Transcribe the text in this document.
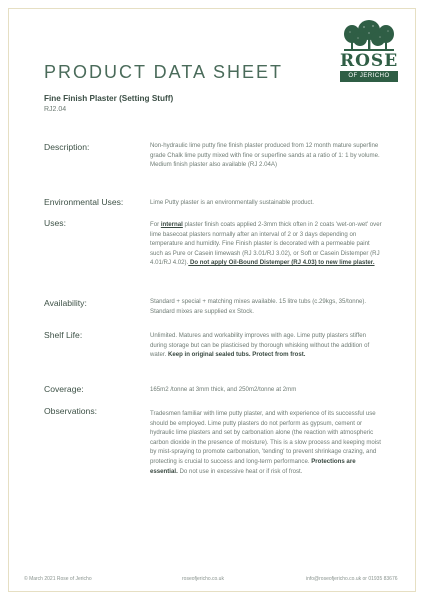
ROSE
OF JERICHO
PRODUCT DATA SHEET
Fine Finish Plaster (Setting Stuff)
RJ2.04
Description:	Non-hydraulic lime putty fine finish plaster produced from 12 month mature superfine grade Chalk lime putty mixed with fine or superfine sands at a ratio of 1: 1 by volume. Medium finish plaster also available (RJ 2.04A)
Environmental Uses:	Lime Putty plaster is an environmentally sustainable product.
Uses:	For internal plaster finish coats applied 2-3mm thick often in 2 coats 'wet-on-wet' over lime basecoat plasters normally after an interval of 2 or 3 days depending on temperature and humidity. Fine Finish plaster is decorated with a permeable paint such as Pure or Casein limewash (RJ 3.01/RJ 3.02), or Soft or Casein Distemper (RJ 4.01/RJ 4.02). Do not apply Oil-Bound Distemper (RJ 4.03) to new lime plaster.
Availability:	Standard + special + matching mixes available. 15 litre tubs (c.29kgs, 35/tonne). Standard mixes are supplied ex Stock.
Shelf Life:	Unlimited. Matures and workability improves with age. Lime putty plasters stiffen during storage but can be plasticised by thorough whisking without the addition of water. Keep in original sealed tubs. Protect from frost.
Coverage:	165m2 /tonne at 3mm thick, and 250m2/tonne at 2mm
Observations:	Tradesmen familiar with lime putty plaster, and with experience of its successful use should be employed. Lime putty plasters do not perform as gypsum, cement or hydraulic lime plasters and set by carbonation alone (the reaction with atmospheric carbon dioxide in the presence of moisture). This is a slow process and keeping moist by mist-spraying to promote carbonation, 'tending' to prevent shrinkage crazing, and protecting is crucial to success and long-term performance. Protections are essential. Do not use in excessive heat or if risk of frost.
© March 2021 Rose of Jericho	roseofjericho.co.uk	info@roseofjericho.co.uk or 01935 83676
